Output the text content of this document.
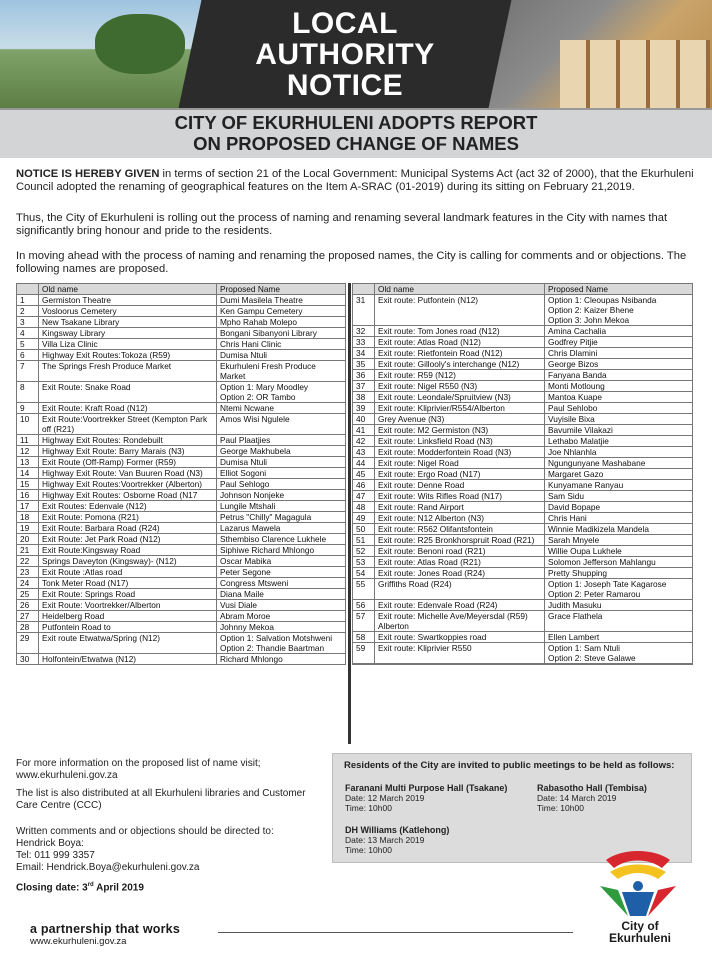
LOCAL
AUTHORITY
NOTICE
CITY OF EKURHULENI ADOPTS REPORT
ON PROPOSED CHANGE OF NAMES
NOTICE IS HEREBY GIVEN in terms of section 21 of the Local Government: Municipal Systems Act (act 32 of 2000), that the Ekurhuleni Council adopted the renaming of geographical features on the Item A-SRAC (01-2019) during its sitting on February 21,2019.
Thus, the City of Ekurhuleni is rolling out the process of naming and renaming several landmark features in the City with names that significantly bring honour and pride to the residents.
In moving ahead with the process of naming and renaming the proposed names, the City is calling for comments and or objections. The following names are proposed.
	Old name	Proposed Name
1	Germiston Theatre	Dumi Masilela Theatre
2	Vosloorus Cemetery	Ken Gampu Cemetery
3	New Tsakane Library	Mpho Rahab Molepo
4	Kingsway Library	Bongani Sibanyoni Library
5	Villa Liza Clinic	Chris Hani Clinic
6	Highway Exit Routes:Tokoza (R59)	Dumisa Ntuli
7	The Springs Fresh Produce Market	Ekurhuleni Fresh Produce Market
8	Exit Route: Snake Road	Option 1: Mary Moodley
Option 2: OR Tambo
9	Exit Route: Kraft Road (N12)	Ntemi Ncwane
10	Exit Route:Voortrekker Street (Kempton Park off (R21)	Amos Wisi Ngulele
11	Highway Exit Routes: Rondebuilt	Paul Plaatjies
12	Highway Exit Route: Barry Marais (N3)	George Makhubela
13	Exit Route (Off-Ramp) Former (R59)	Dumisa Ntuli
14	Highway Exit Route: Van Buuren Road (N3)	Elliot Sogoni
15	Highway Exit Routes:Voortrekker (Alberton)	Paul Sehlogo
16	Highway Exit Routes: Osborne Road (N17	Johnson Nonjeke
17	Exit Routes: Edenvale (N12)	Lungile Mtshali
18	Exit Route: Pomona (R21)	Petrus "Chilly" Magagula
19	Exit Route: Barbara Road (R24)	Lazarus Mawela
20	Exit Route: Jet Park Road (N12)	Sthembiso Clarence Lukhele
21	Exit Route:Kingsway Road	Siphiwe Richard Mhlongo
22	Springs Daveyton (Kingsway)- (N12)	Oscar Mabika
23	Exit Route :Atlas road	Peter Segone
24	Tonk Meter Road (N17)	Congress Mtsweni
25	Exit Route: Springs Road	Diana Maile
26	Exit Route: Voortrekker/Alberton	Vusi Diale
27	Heidelberg Road	Abram Moroe
28	Putfontein Road to	Johnny Mekoa
29	Exit route Etwatwa/Spring (N12)	Option 1: Salvation Motshweni
Option 2: Thandie Baartman
30	Holfontein/Etwatwa (N12)	Richard Mhlongo
	Old name	Proposed Name
31	Exit route: Putfontein (N12)	Option 1: Cleoupas Nsibanda
Option 2: Kaizer Bhene
Option 3: John Mekoa
32	Exit route: Tom Jones road (N12)	Amina Cachalia
33	Exit route: Atlas Road (N12)	Godfrey Pitjie
34	Exit route: Rietfontein Road (N12)	Chris Dlamini
35	Exit route: Gillooly's interchange (N12)	George Bizos
36	Exit route: R59 (N12)	Fanyana Banda
37	Exit route: Nigel R550 (N3)	Monti Motloung
38	Exit route: Leondale/Spruitview (N3)	Mantoa Kuape
39	Exit route: Kliprivier/R554/Alberton	Paul Sehlobo
40	Grey Avenue (N3)	Vuyisile Bixa
41	Exit route: M2 Germiston (N3)	Bavumile Vilakazi
42	Exit route: Linksfield Road (N3)	Lethabo Malatjie
43	Exit route: Modderfontein Road (N3)	Joe Nhlanhla
44	Exit route: Nigel Road	Ngungunyane Mashabane
45	Exit route: Ergo Road (N17)	Margaret Gazo
46	Exit route: Denne Road	Kunyamane Ranyau
47	Exit route: Wits Rifles Road (N17)	Sam Sidu
48	Exit route: Rand Airport	David Bopape
49	Exit route: N12 Alberton (N3)	Chris Hani
50	Exit route: R562 Olifantsfontein	Winnie Madikizela Mandela
51	Exit route: R25 Bronkhorspruit Road (R21)	Sarah Mnyele
52	Exit route: Benoni road (R21)	Willie Oupa Lukhele
53	Exit route: Atlas Road (R21)	Solomon Jefferson Mahlangu
54	Exit route: Jones Road (R24)	Pretty Shupping
55	Griffiths Road (R24)	Option 1: Joseph Tate Kagarose
Option 2: Peter Ramarou
56	Exit route: Edenvale Road (R24)	Judith Masuku
57	Exit route: Michelle Ave/Meyersdal (R59) Alberton	Grace Flathela
58	Exit route: Swartkoppies road	Ellen Lambert
59	Exit route: Kliprivier R550	Option 1: Sam Ntuli
Option 2: Steve Galawe

For more information on the proposed list of name visit;
www.ekurhuleni.gov.za
The list is also distributed at all Ekurhuleni libraries and Customer Care Centre (CCC)
Written comments and or objections should be directed to:
Hendrick Boya:
Tel: 011 999 3357
Email: Hendrick.Boya@ekurhuleni.gov.za
Closing date: 3rd April 2019
Residents of the City are invited to public meetings to be held as follows:
Faranani Multi Purpose Hall (Tsakane)
Date: 12 March 2019
Time: 10h00
Rabasotho Hall (Tembisa)
Date: 14 March 2019
Time: 10h00
DH Williams (Katlehong)
Date: 13 March 2019
Time: 10h00
City of
Ekurhuleni
a partnership that works
www.ekurhuleni.gov.za
